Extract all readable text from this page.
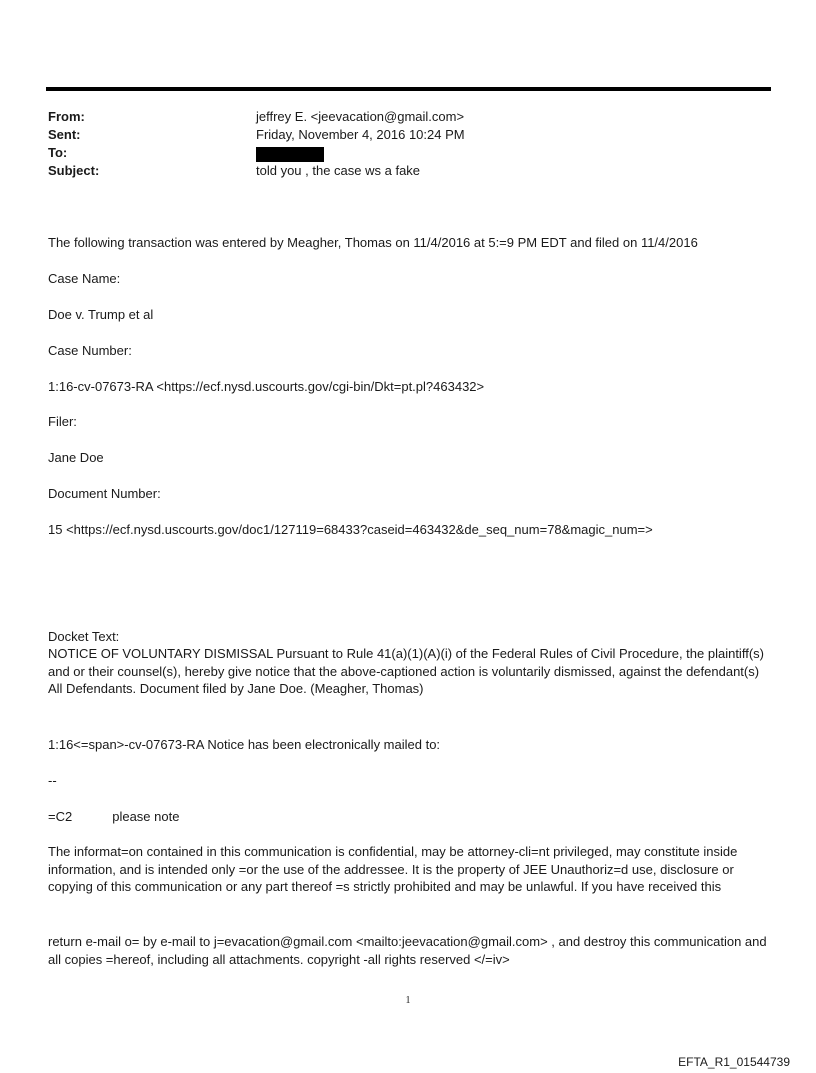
From:	jeffrey E. <jeevacation@gmail.com>
Sent:	Friday, November 4, 2016 10:24 PM
To:
Subject:	told you , the case ws a fake
The following transaction was entered by Meagher, Thomas on 11/4/2016 at 5:=9 PM EDT and filed on 11/4/2016
Case Name:
Doe v. Trump et al
Case Number:
1:16-cv-07673-RA <https://ecf.nysd.uscourts.gov/cgi-bin/Dkt=pt.pl?463432>
Filer:
Jane Doe
Document Number:
15 <https://ecf.nysd.uscourts.gov/doc1/127119=68433?caseid=463432&de_seq_num=78&magic_num=>
Docket Text:
NOTICE OF VOLUNTARY DISMISSAL Pursuant to Rule 41(a)(1)(A)(i) of the Federal Rules of Civil Procedure, the plaintiff(s) and or their counsel(s), hereby give notice that the above-captioned action is voluntarily dismissed, against the defendant(s) All Defendants. Document filed by Jane Doe. (Meagher, Thomas)
1:16<=span>-cv-07673-RA Notice has been electronically mailed to:
--
=C2	please note
The informat=on contained in this communication is confidential, may be attorney-cli=nt privileged, may constitute inside information, and is intended only =or the use of the addressee. It is the property of JEE Unauthoriz=d use, disclosure or copying of this communication or any part thereof =s strictly prohibited and may be unlawful. If you have received this
return e-mail o= by e-mail to j=evacation@gmail.com <mailto:jeevacation@gmail.com> , and destroy this communication and all copies =hereof, including all attachments. copyright -all rights reserved </=iv>
1
EFTA_R1_01544739
